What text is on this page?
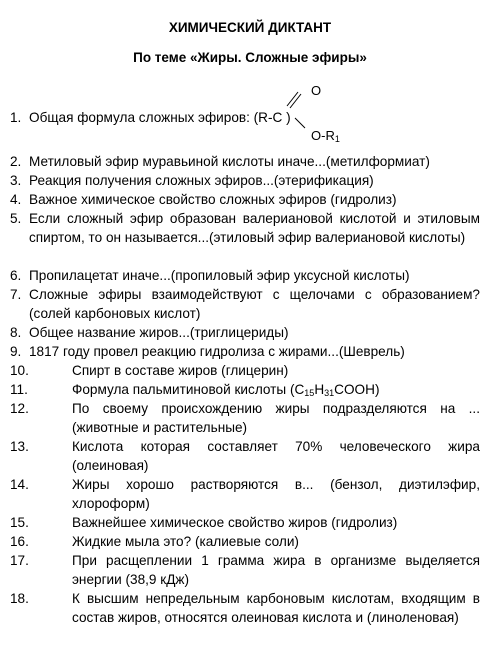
ХИМИЧЕСКИЙ ДИКТАНТ
По теме «Жиры. Сложные эфиры»
O
$O-R_1$
1. Общая формула сложных эфиров: (R-C )
2. Метиловый эфир муравьиной кислоты иначе...(метилформиат)
3. Реакция получения сложных эфиров...(этерификация)
4. Важное химическое свойство сложных эфиров (гидролиз)
5. Если сложный эфир образован валериановой кислотой и этиловым спиртом, то он называется...(этиловый эфир валериановой кислоты)
6. Пропилацетат иначе...(пропиловый эфир уксусной кислоты)
7. Сложные эфиры взаимодействуют с щелочами с образованием? (солей карбоновых кислот)
8. Общее название жиров...(триглицериды)
9. 1817 году провел реакцию гидролиза с жирами...(Шеврель)
10.	Спирт в составе жиров (глицерин)
11.	Формула пальмитиновой кислоты $(C_{15}H_{31}COOH)$
12.	По своему происхождению жиры подразделяются на ... (животные и растительные)
13.	Кислота которая составляет 70% человеческого жира (олеиновая)
14.	Жиры хорошо растворяются в... (бензол, диэтилэфир, хлороформ)
15.	Важнейшее химическое свойство жиров (гидролиз)
16.	Жидкие мыла это? (калиевые соли)
17.	При расщеплении 1 грамма жира в организме выделяется энергии (38,9 кДж)
18.	К высшим непредельным карбоновым кислотам, входящим в состав жиров, относятся олеиновая кислота и (линоленовая)
